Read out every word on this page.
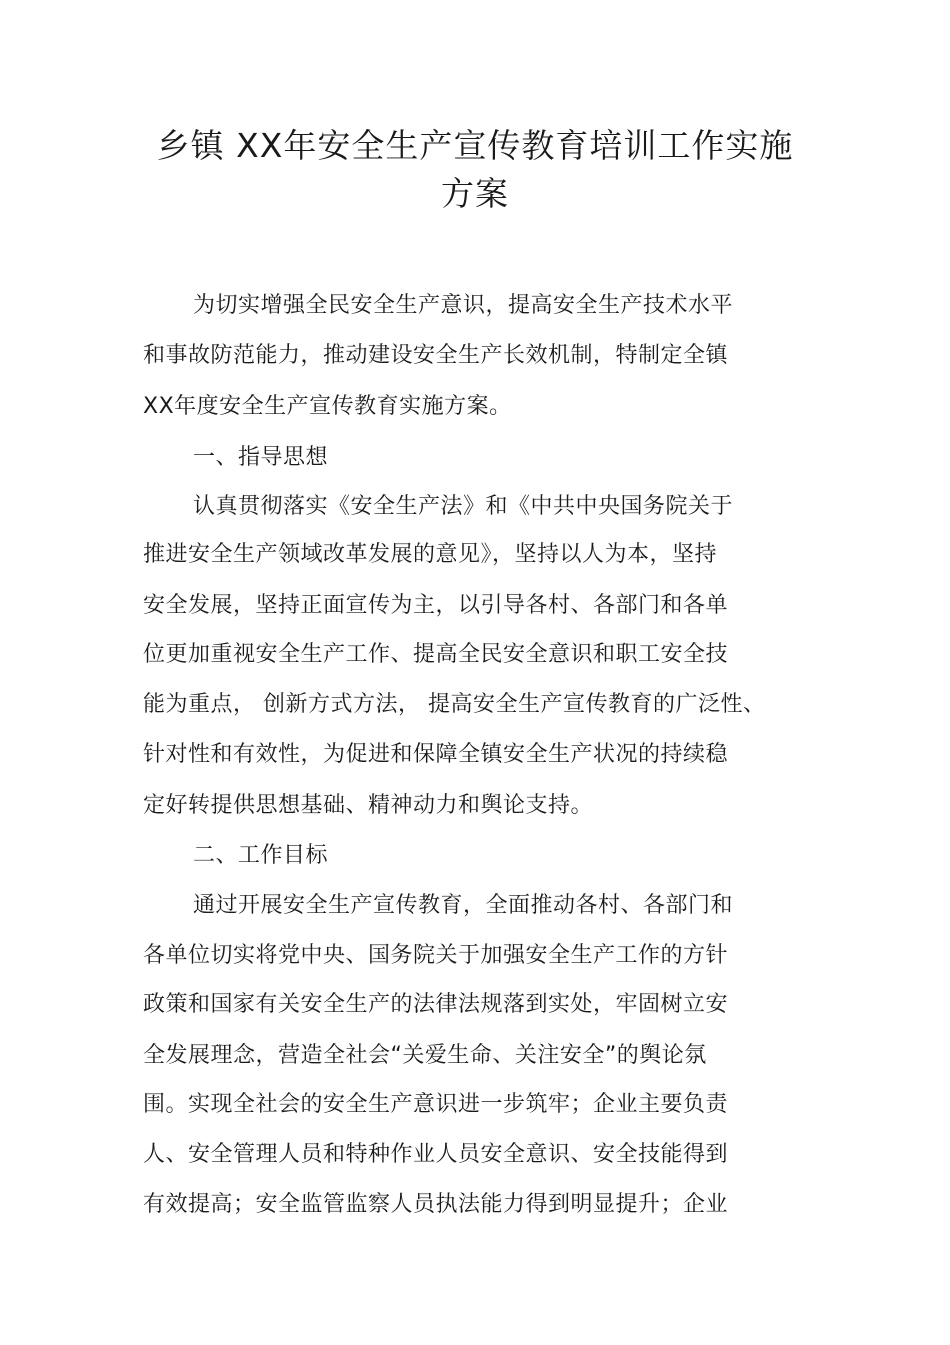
乡镇 XX年安全生产宣传教育培训工作实施
方案
为切实增强全民安全生产意识，提高安全生产技术水平
和事故防范能力，推动建设安全生产长效机制，特制定全镇
XX年度安全生产宣传教育实施方案。
一、指导思想
认真贯彻落实《安全生产法》和《中共中央国务院关于
推进安全生产领域改革发展的意见》，坚持以人为本，坚持
安全发展，坚持正面宣传为主，以引导各村、各部门和各单
位更加重视安全生产工作、提高全民安全意识和职工安全技
能为重点， 创新方式方法， 提高安全生产宣传教育的广泛性、
针对性和有效性，为促进和保障全镇安全生产状况的持续稳
定好转提供思想基础、精神动力和舆论支持。
二、工作目标
通过开展安全生产宣传教育，全面推动各村、各部门和
各单位切实将党中央、国务院关于加强安全生产工作的方针
政策和国家有关安全生产的法律法规落到实处，牢固树立安
全发展理念，营造全社会“关爱生命、关注安全”的舆论氛
围。实现全社会的安全生产意识进一步筑牢；企业主要负责
人、安全管理人员和特种作业人员安全意识、安全技能得到
有效提高；安全监管监察人员执法能力得到明显提升；企业
